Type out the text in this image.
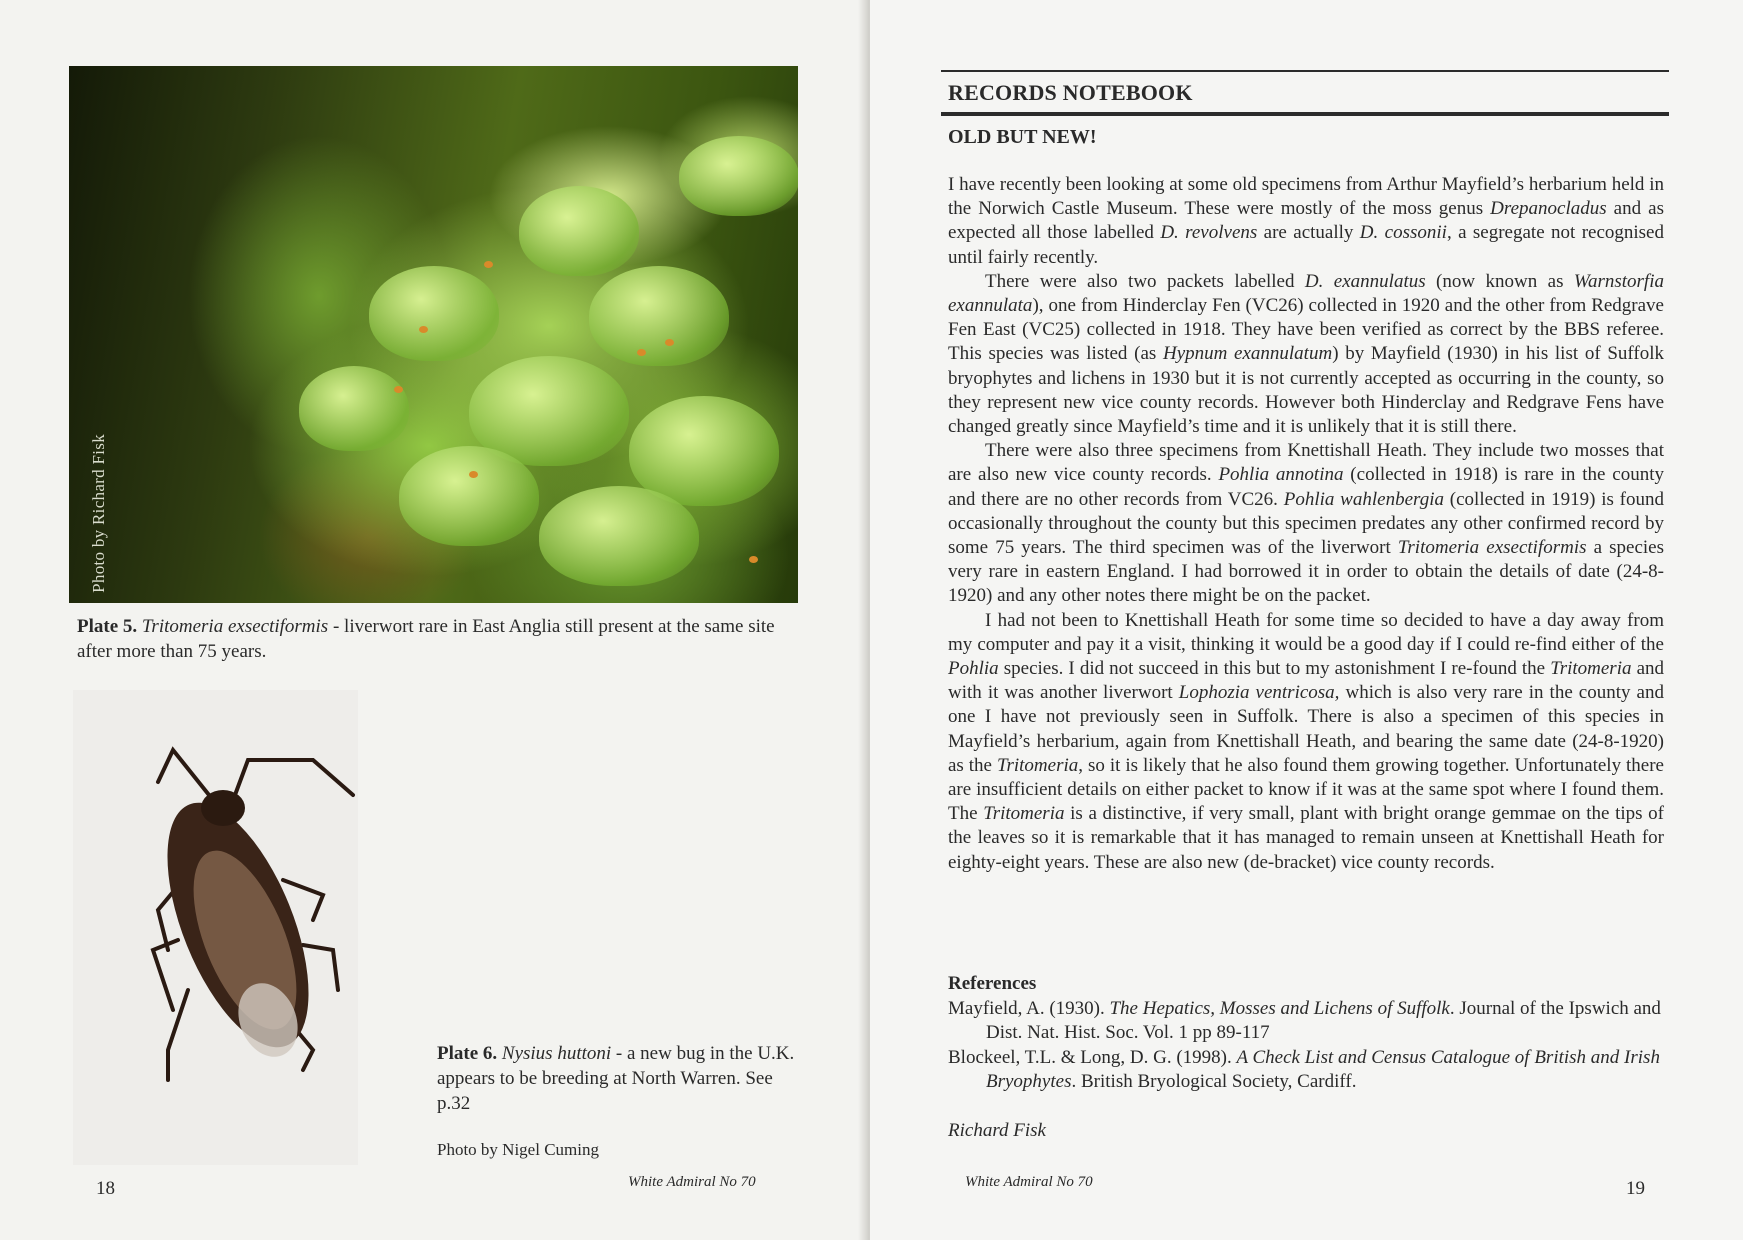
Photo by Richard Fisk
Plate 5. Tritomeria exsectiformis - liverwort rare in East Anglia still present at the same site after more than 75 years.
Plate 6. Nysius huttoni - a new bug in the U.K. appears to be breeding at North Warren. See p.32
Photo by Nigel Cuming
18	White Admiral No 70
RECORDS NOTEBOOK
OLD BUT NEW!

I have recently been looking at some old specimens from Arthur Mayfield’s herbarium held in the Norwich Castle Museum. These were mostly of the moss genus Drepanocladus and as expected all those labelled D. revolvens are actually D. cossonii, a segregate not recognised until fairly recently.

There were also two packets labelled D. exannulatus (now known as Warnstorfia exannulata), one from Hinderclay Fen (VC26) collected in 1920 and the other from Redgrave Fen East (VC25) collected in 1918. They have been verified as correct by the BBS referee. This species was listed (as Hypnum exannulatum) by Mayfield (1930) in his list of Suffolk bryophytes and lichens in 1930 but it is not currently accepted as occurring in the county, so they represent new vice county records. However both Hinderclay and Redgrave Fens have changed greatly since Mayfield’s time and it is unlikely that it is still there.

There were also three specimens from Knettishall Heath. They include two mosses that are also new vice county records. Pohlia annotina (collected in 1918) is rare in the county and there are no other records from VC26. Pohlia wahlenbergia (collected in 1919) is found occasionally throughout the county but this specimen predates any other confirmed record by some 75 years. The third specimen was of the liverwort Tritomeria exsectiformis a species very rare in eastern England. I had borrowed it in order to obtain the details of date (24-8-1920) and any other notes there might be on the packet.

I had not been to Knettishall Heath for some time so decided to have a day away from my computer and pay it a visit, thinking it would be a good day if I could re-find either of the Pohlia species. I did not succeed in this but to my astonishment I re-found the Tritomeria and with it was another liverwort Lophozia ventricosa, which is also very rare in the county and one I have not previously seen in Suffolk. There is also a specimen of this species in Mayfield’s herbarium, again from Knettishall Heath, and bearing the same date (24-8-1920) as the Tritomeria, so it is likely that he also found them growing together. Unfortunately there are insufficient details on either packet to know if it was at the same spot where I found them. The Tritomeria is a distinctive, if very small, plant with bright orange gemmae on the tips of the leaves so it is remarkable that it has managed to remain unseen at Knettishall Heath for eighty-eight years. These are also new (de-bracket) vice county records.

References

Mayfield, A. (1930). The Hepatics, Mosses and Lichens of Suffolk. Journal of the Ipswich and Dist. Nat. Hist. Soc. Vol. 1 pp 89-117

Blockeel, T.L. & Long, D. G. (1998). A Check List and Census Catalogue of British and Irish Bryophytes. British Bryological Society, Cardiff.

Richard Fisk
White Admiral No 70	19
